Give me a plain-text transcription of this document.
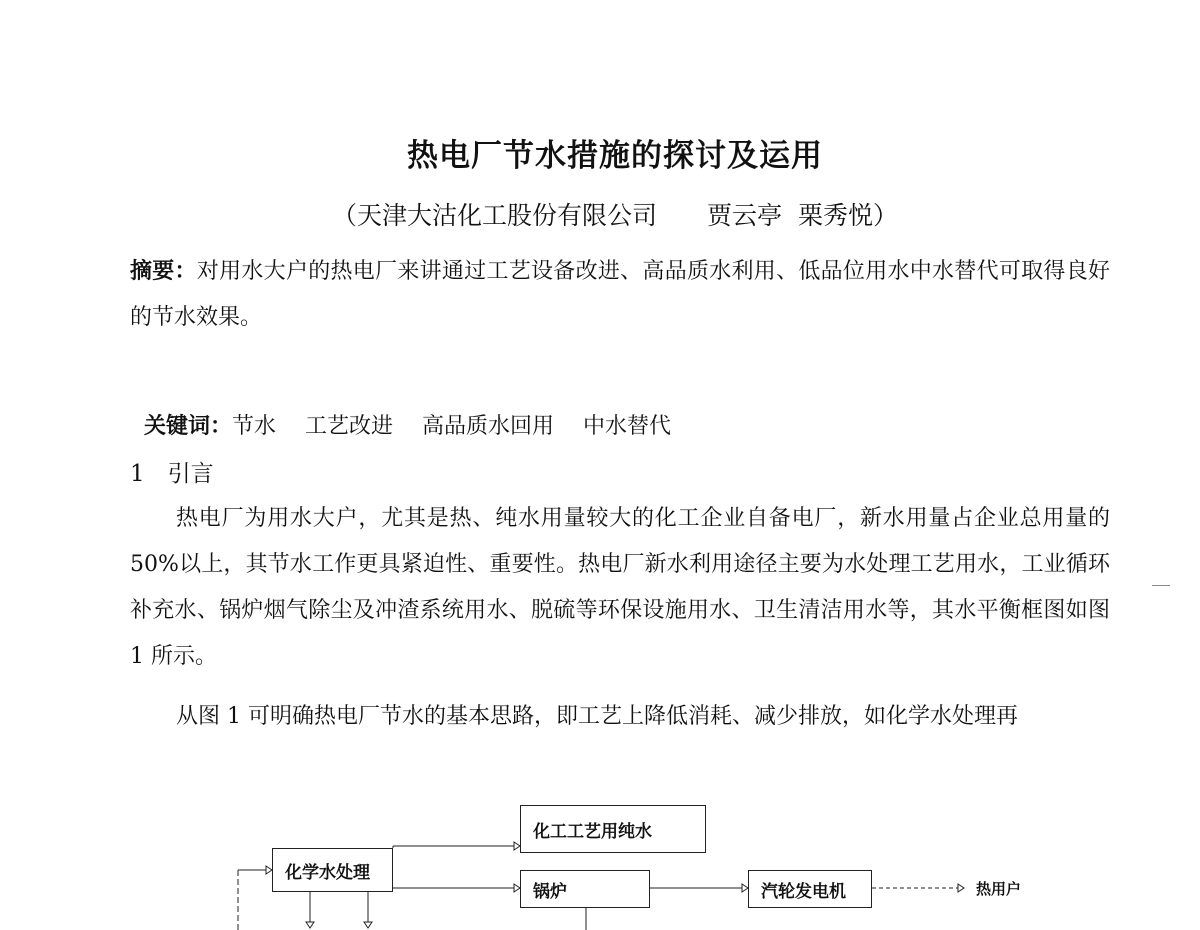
热电厂节水措施的探讨及运用
（天津大沽化工股份有限公司　　贾云亭  栗秀悦）
摘要：对用水大户的热电厂来讲通过工艺设备改进、高品质水利用、低品位用水中水替代可取得良好的节水效果。

关键词：节水　 工艺改进　 高品质水回用　 中水替代

1　引言
热电厂为用水大户，尤其是热、纯水用量较大的化工企业自备电厂，新水用量占企业总用量的 50%以上，其节水工作更具紧迫性、重要性。热电厂新水利用途径主要为水处理工艺用水，工业循环补充水、锅炉烟气除尘及冲渣系统用水、脱硫等环保设施用水、卫生清洁用水等，其水平衡框图如图 1 所示。
从图 1 可明确热电厂节水的基本思路，即工艺上降低消耗、减少排放，如化学水处理再
化工工艺用纯水
化学水处理
锅炉	汽轮发电机	热用户
